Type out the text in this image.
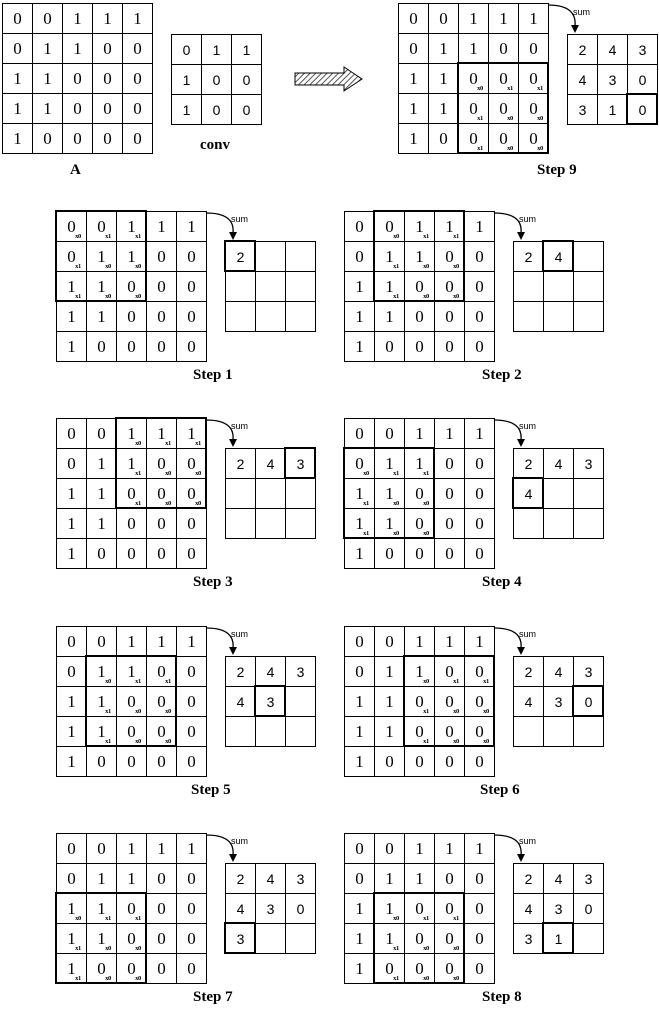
0 0 1 1 1
0 1 1 0 0
1 1 0 0 0
1 1 0 0 0
1 0 0 0 0
A
0 1 1
1 0 0
1 0 0
conv
0 0 1 1 1
0 1 1 0 0
1 1 0
x0
0
x1
0
x1
1 1 0
x1
0
x0
0
x0
1 0 0
x1
0
x0
0
x0
2 4 3
4 3 0
3 1 0
sum
Step 9
0
x0
0
x1
1
x1
1 1
0
x1
1
x0
1
x0
0 0
1
x1
1
x0
0
x0
0 0
1 1 0 0 0
1 0 0 0 0
2
sum
Step 1
0 0
x0
1
x1
1
x1
1
0 1
x1
1
x0
0
x0
0
1 1
x1
0
x0
0
x0
0
1 1 0 0 0
1 0 0 0 0
2 4
sum
Step 2
0 0 1
x0
1
x1
1
x1
0 1 1
x1
0
x0
0
x0
1 1 0
x1
0
x0
0
x0
1 1 0 0 0
1 0 0 0 0
2 4 3
sum
Step 3
0 0 1 1 1
0
x0
1
x1
1
x1
0 0
1
x1
1
x0
0
x0
0 0
1
x1
1
x0
0
x0
0 0
1 0 0 0 0
2 4 3
4
sum
Step 4
0 0 1 1 1
0 1
x0
1
x1
0
x1
0
1 1
x1
0
x0
0
x0
0
1 1
x1
0
x0
0
x0
0
1 0 0 0 0
2 4 3
4 3
sum
Step 5
0 0 1 1 1
0 1 1
x0
0
x1
0
x1
1 1 0
x1
0
x0
0
x0
1 1 0
x1
0
x0
0
x0
1 0 0 0 0
2 4 3
4 3 0
sum
Step 6
0 0 1 1 1
0 1 1 0 0
1
x0
1
x1
0
x1
0 0
1
x1
1
x0
0
x0
0 0
1
x1
0
x0
0
x0
0 0
2 4 3
4 3 0
3
sum
Step 7
0 0 1 1 1
0 1 1 0 0
1 1
x0
0
x1
0
x1
0
1 1
x1
0
x0
0
x0
0
1 0
x1
0
x0
0
x0
0
2 4 3
4 3 0
3 1
sum
Step 8
